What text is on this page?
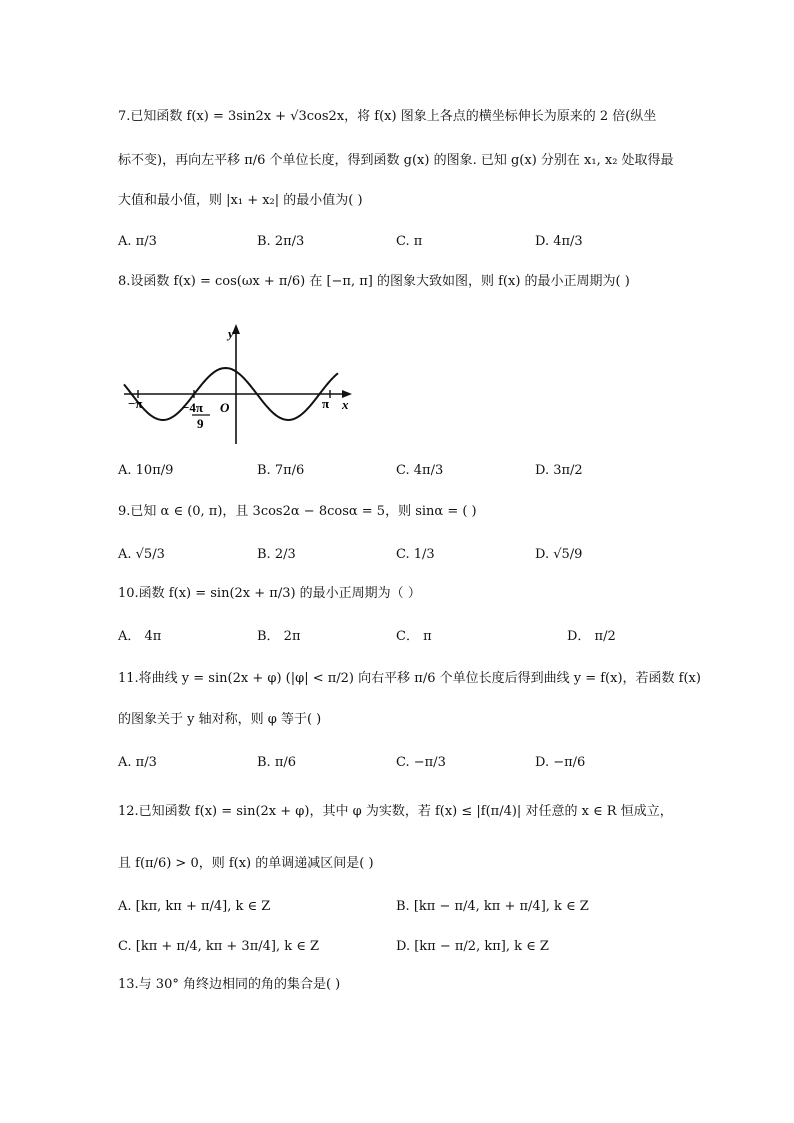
7.已知函数 f(x) = 3sin2x + √3cos2x，将 f(x) 图象上各点的横坐标伸长为原来的 2 倍(纵坐
标不变)，再向左平移 π/6 个单位长度，得到函数 g(x) 的图象. 已知 g(x) 分别在 x₁, x₂ 处取得最
大值和最小值，则 |x₁ + x₂| 的最小值为( )
A. π/3	B. 2π/3	C. π	D. 4π/3
8.设函数 f(x) = cos(ωx + π/6) 在 [−π, π] 的图象大致如图，则 f(x) 的最小正周期为( )
y
x
O
−π	π
−4π
9
A. 10π/9	B. 7π/6	C. 4π/3	D. 3π/2
9.已知 α ∈ (0, π)，且 3cos2α − 8cosα = 5，则 sinα = ( )
A. √5/3	B. 2/3	C. 1/3	D. √5/9
10.函数 f(x) = sin(2x + π/3) 的最小正周期为（ ）
A． 4π	B． 2π	C． π	D． π/2
11.将曲线 y = sin(2x + φ) (|φ| < π/2) 向右平移 π/6 个单位长度后得到曲线 y = f(x)，若函数 f(x)
的图象关于 y 轴对称，则 φ 等于( )
A. π/3	B. π/6	C. −π/3	D. −π/6
12.已知函数 f(x) = sin(2x + φ)，其中 φ 为实数，若 f(x) ≤ |f(π/4)| 对任意的 x ∈ R 恒成立，
且 f(π/6) > 0，则 f(x) 的单调递减区间是( )
A. [kπ, kπ + π/4], k ∈ Z	B. [kπ − π/4, kπ + π/4], k ∈ Z
C. [kπ + π/4, kπ + 3π/4], k ∈ Z	D. [kπ − π/2, kπ], k ∈ Z
13.与 30° 角终边相同的角的集合是( )
